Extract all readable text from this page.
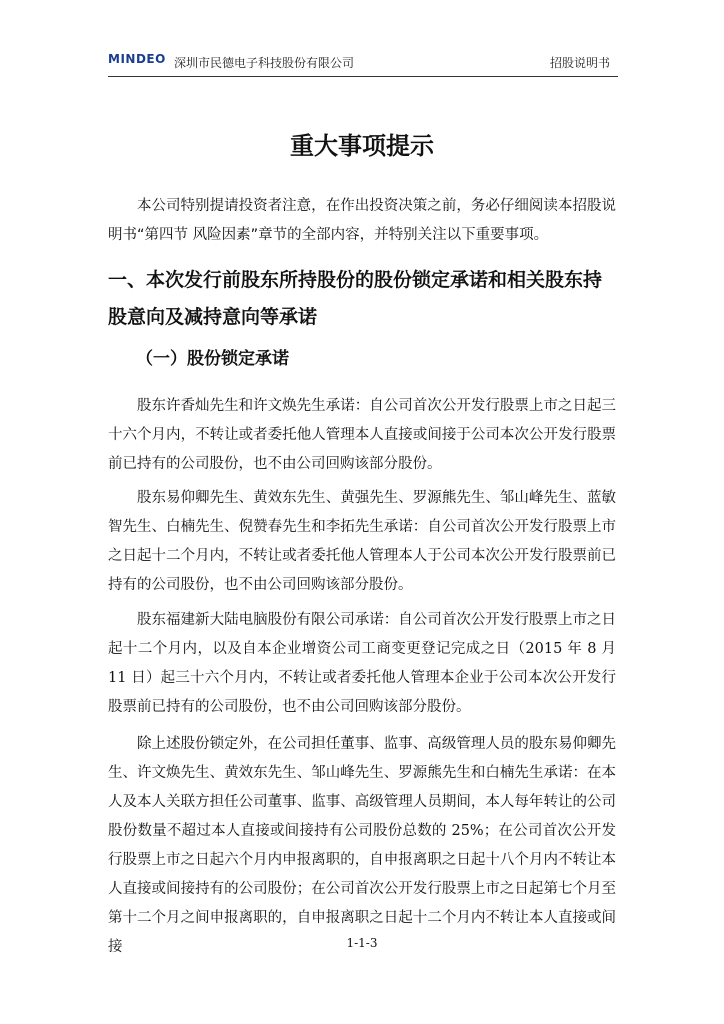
MINDEO 深圳市民德电子科技股份有限公司	招股说明书
重大事项提示

本公司特别提请投资者注意，在作出投资决策之前，务必仔细阅读本招股说明书“第四节 风险因素”章节的全部内容，并特别关注以下重要事项。

一、本次发行前股东所持股份的股份锁定承诺和相关股东持股意向及减持意向等承诺
（一）股份锁定承诺

股东许香灿先生和许文焕先生承诺：自公司首次公开发行股票上市之日起三十六个月内，不转让或者委托他人管理本人直接或间接于公司本次公开发行股票前已持有的公司股份，也不由公司回购该部分股份。

股东易仰卿先生、黄效东先生、黄强先生、罗源熊先生、邹山峰先生、蓝敏智先生、白楠先生、倪赞春先生和李拓先生承诺：自公司首次公开发行股票上市之日起十二个月内，不转让或者委托他人管理本人于公司本次公开发行股票前已持有的公司股份，也不由公司回购该部分股份。

股东福建新大陆电脑股份有限公司承诺：自公司首次公开发行股票上市之日起十二个月内，以及自本企业增资公司工商变更登记完成之日（2015 年 8 月 11 日）起三十六个月内，不转让或者委托他人管理本企业于公司本次公开发行股票前已持有的公司股份，也不由公司回购该部分股份。

除上述股份锁定外，在公司担任董事、监事、高级管理人员的股东易仰卿先生、许文焕先生、黄效东先生、邹山峰先生、罗源熊先生和白楠先生承诺：在本人及本人关联方担任公司董事、监事、高级管理人员期间，本人每年转让的公司股份数量不超过本人直接或间接持有公司股份总数的 25%；在公司首次公开发行股票上市之日起六个月内申报离职的，自申报离职之日起十八个月内不转让本人直接或间接持有的公司股份；在公司首次公开发行股票上市之日起第七个月至第十二个月之间申报离职的，自申报离职之日起十二个月内不转让本人直接或间接	1-1-3
